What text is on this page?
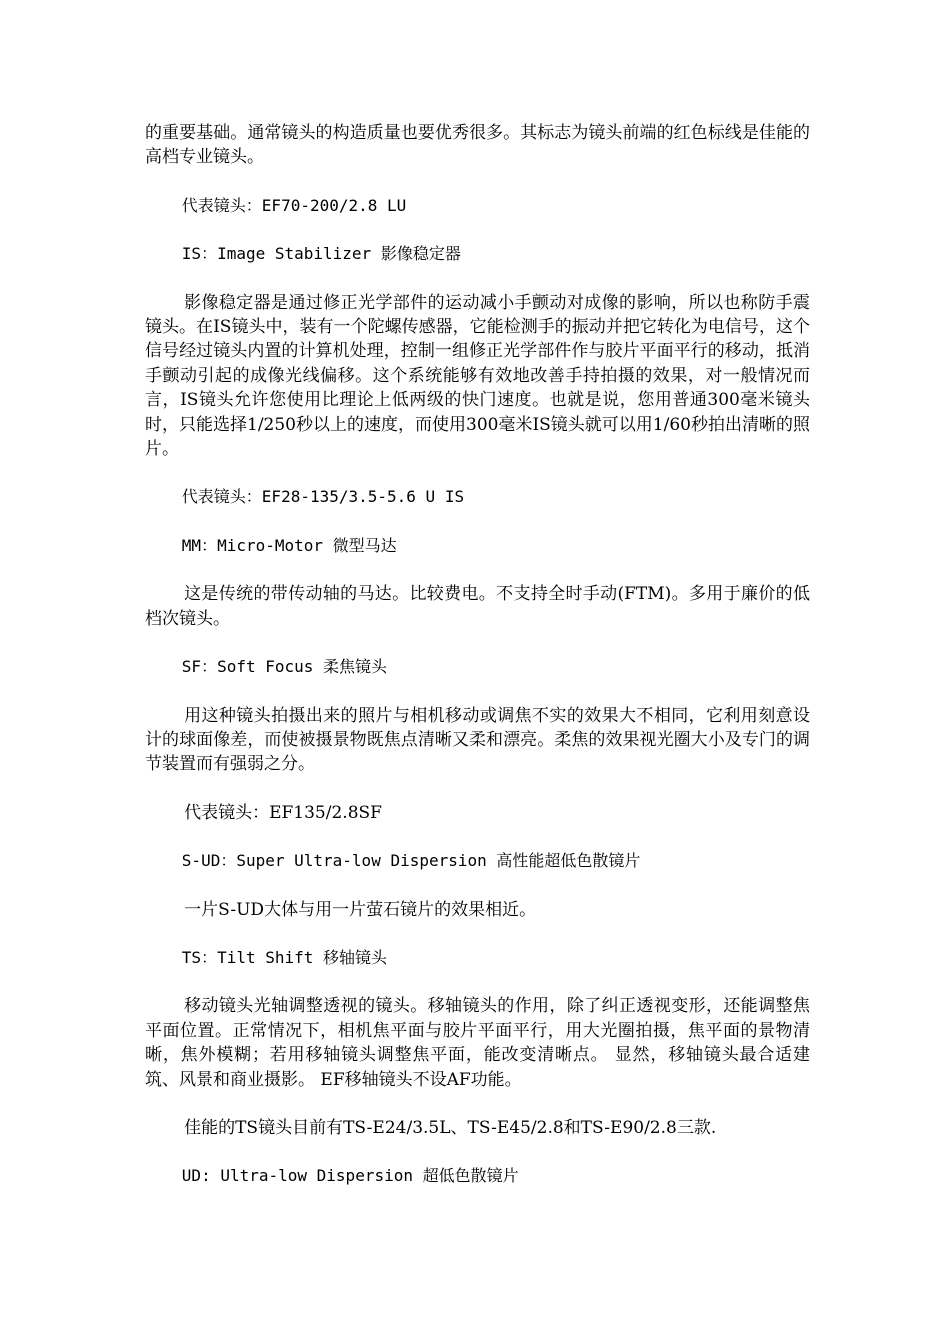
的重要基础。通常镜头的构造质量也要优秀很多。其标志为镜头前端的红色标线是佳能的高档专业镜头。

代表镜头：EF70-200/2.8 LU

IS：Image Stabilizer 影像稳定器

影像稳定器是通过修正光学部件的运动减小手颤动对成像的影响，所以也称防手震镜头。在IS镜头中，装有一个陀螺传感器，它能检测手的振动并把它转化为电信号，这个信号经过镜头内置的计算机处理，控制一组修正光学部件作与胶片平面平行的移动，抵消手颤动引起的成像光线偏移。这个系统能够有效地改善手持拍摄的效果，对一般情况而言，IS镜头允许您使用比理论上低两级的快门速度。也就是说，您用普通300毫米镜头时，只能选择1/250秒以上的速度，而使用300毫米IS镜头就可以用1/60秒拍出清晰的照片。

代表镜头：EF28-135/3.5-5.6 U IS

MM：Micro-Motor 微型马达

这是传统的带传动轴的马达。比较费电。不支持全时手动(FTM)。多用于廉价的低档次镜头。

SF：Soft Focus 柔焦镜头

用这种镜头拍摄出来的照片与相机移动或调焦不实的效果大不相同，它利用刻意设计的球面像差，而使被摄景物既焦点清晰又柔和漂亮。柔焦的效果视光圈大小及专门的调节装置而有强弱之分。

代表镜头：EF135/2.8SF

S-UD：Super Ultra-low Dispersion 高性能超低色散镜片

一片S-UD大体与用一片萤石镜片的效果相近。

TS：Tilt Shift 移轴镜头

移动镜头光轴调整透视的镜头。移轴镜头的作用，除了纠正透视变形，还能调整焦平面位置。正常情况下，相机焦平面与胶片平面平行，用大光圈拍摄，焦平面的景物清晰，焦外模糊；若用移轴镜头调整焦平面，能改变清晰点。 显然，移轴镜头最合适建筑、风景和商业摄影。 EF移轴镜头不设AF功能。

佳能的TS镜头目前有TS-E24/3.5L、TS-E45/2.8和TS-E90/2.8三款.

UD: Ultra-low Dispersion 超低色散镜片
